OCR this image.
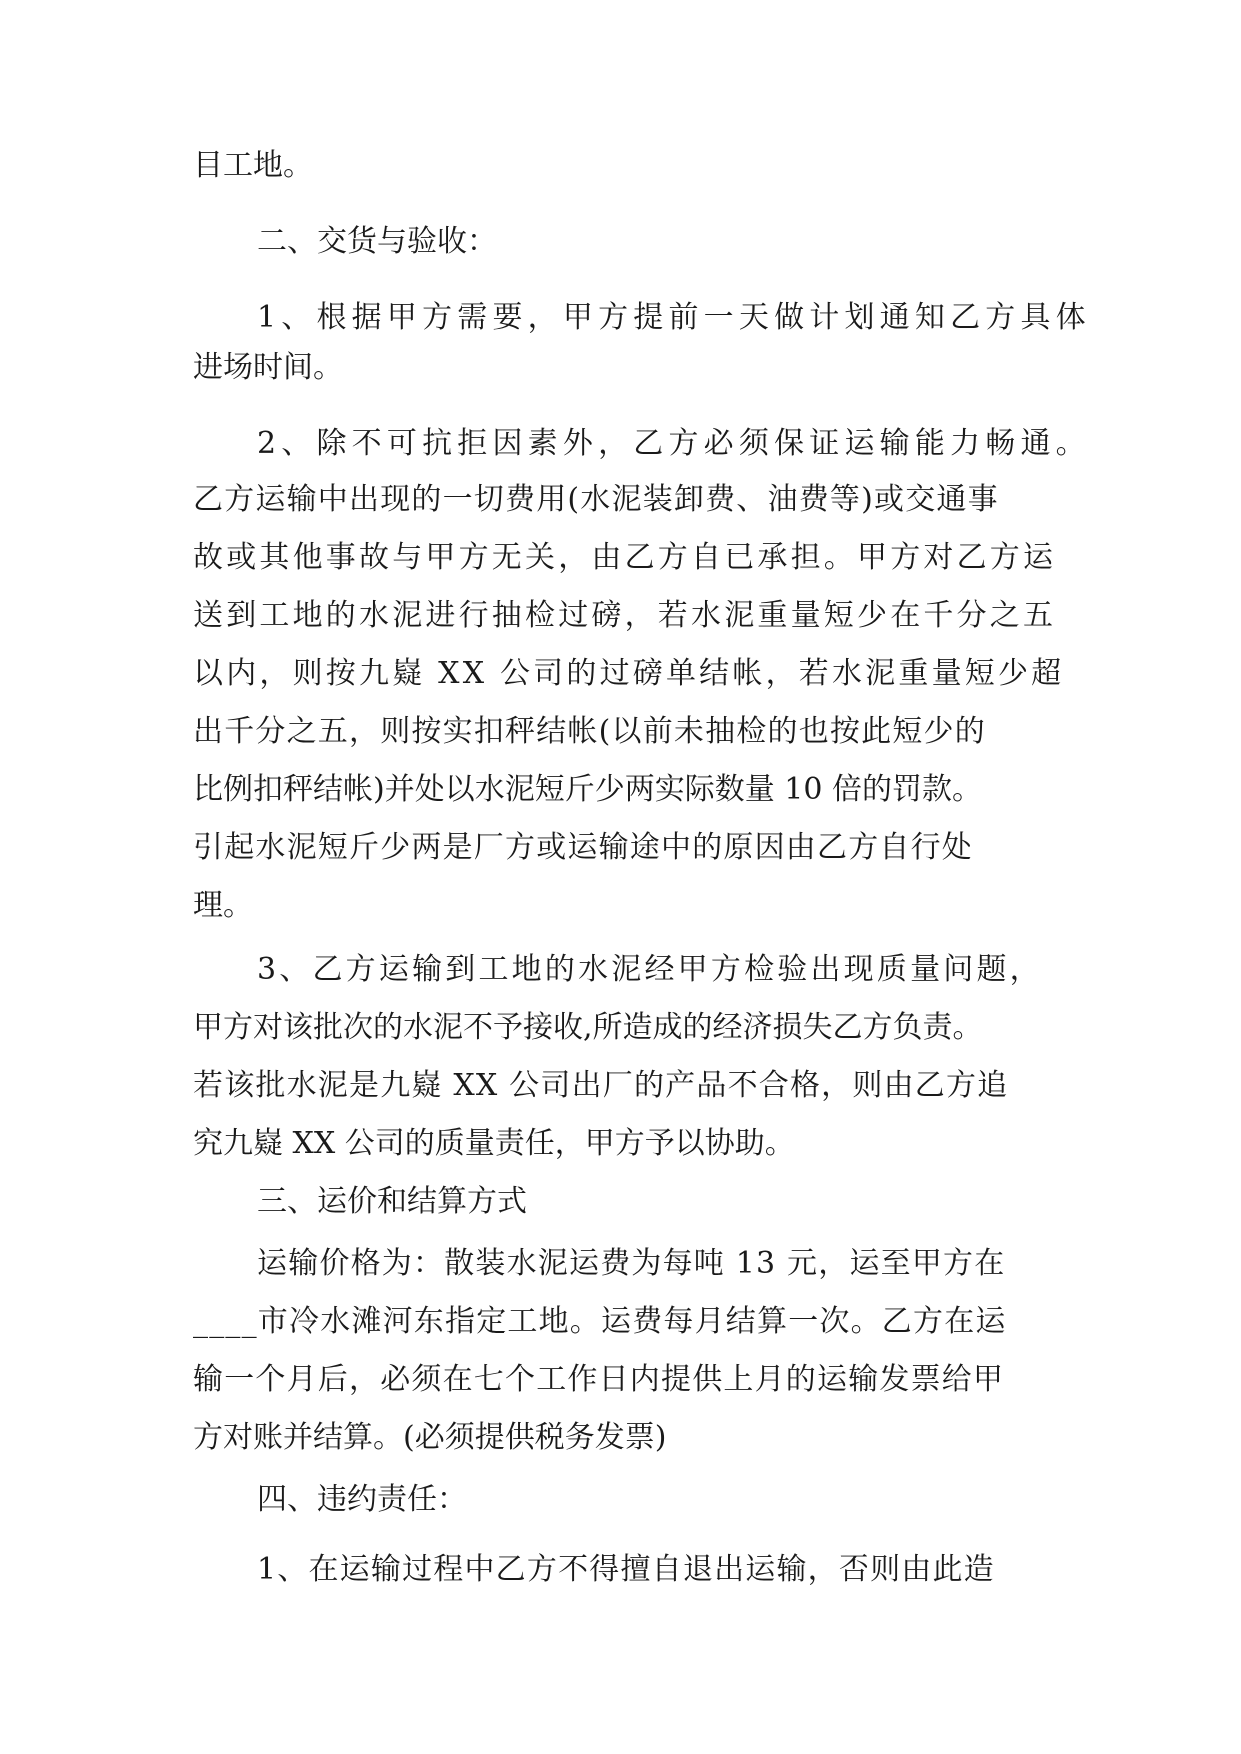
目工地。
二、交货与验收：
1、根据甲方需要，甲方提前一天做计划通知乙方具体
进场时间。
2、除不可抗拒因素外，乙方必须保证运输能力畅通。
乙方运输中出现的一切费用(水泥装卸费、油费等)或交通事
故或其他事故与甲方无关，由乙方自已承担。甲方对乙方运
送到工地的水泥进行抽检过磅，若水泥重量短少在千分之五
以内，则按九嶷 XX 公司的过磅单结帐，若水泥重量短少超
出千分之五，则按实扣秤结帐(以前未抽检的也按此短少的
比例扣秤结帐)并处以水泥短斤少两实际数量 10 倍的罚款。
引起水泥短斤少两是厂方或运输途中的原因由乙方自行处
理。
3、乙方运输到工地的水泥经甲方检验出现质量问题，
甲方对该批次的水泥不予接收,所造成的经济损失乙方负责。
若该批水泥是九嶷 XX 公司出厂的产品不合格，则由乙方追
究九嶷 XX 公司的质量责任，甲方予以协助。
三、运价和结算方式
运输价格为：散装水泥运费为每吨 13 元，运至甲方在
____市冷水滩河东指定工地。运费每月结算一次。乙方在运
输一个月后，必须在七个工作日内提供上月的运输发票给甲
方对账并结算。(必须提供税务发票)
四、违约责任：
1、在运输过程中乙方不得擅自退出运输，否则由此造
